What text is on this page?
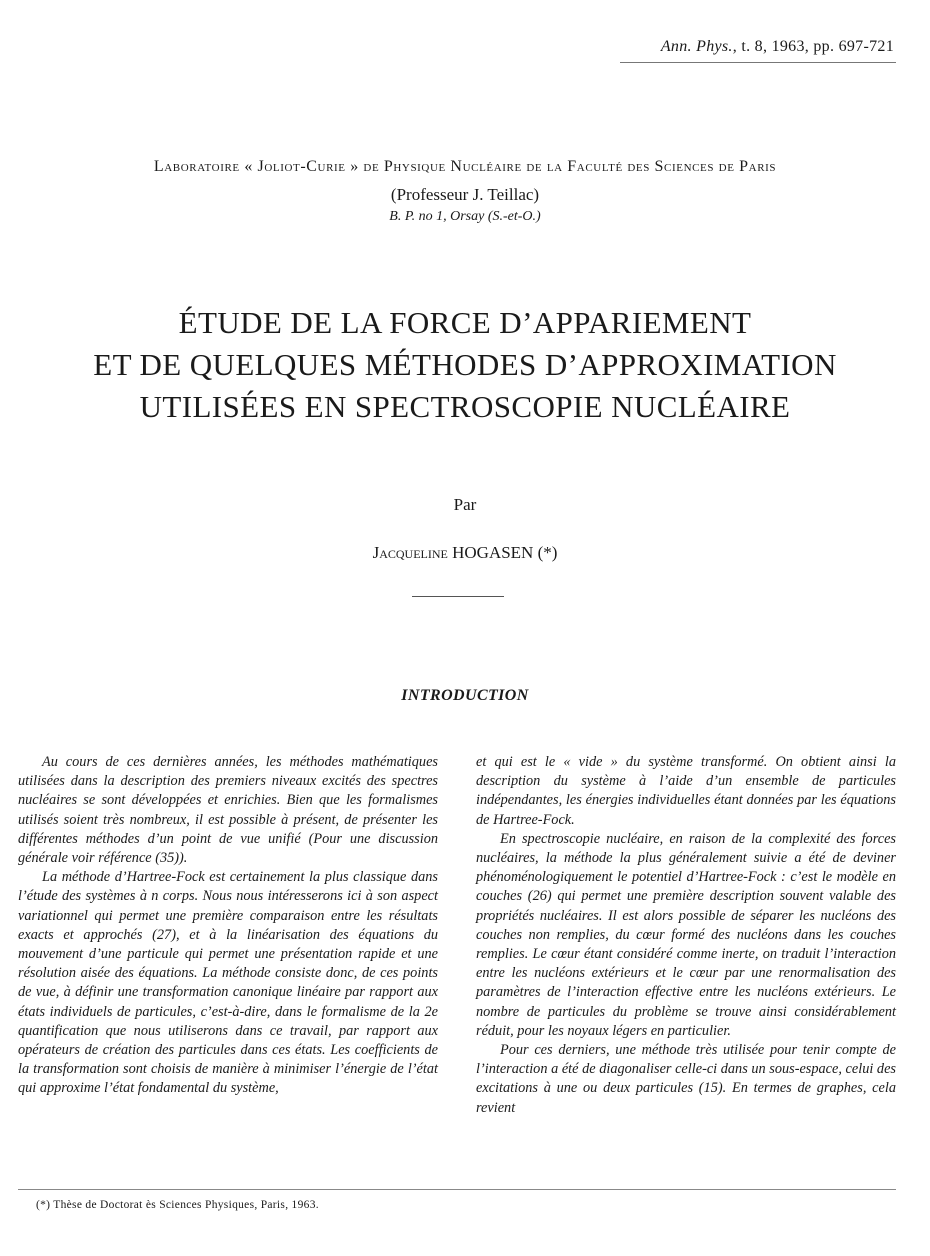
Ann. Phys., t. 8, 1963, pp. 697-721
Laboratoire « Joliot-Curie » de Physique Nucléaire de la Faculté des Sciences de Paris
(Professeur J. Teillac)
B. P. no 1, Orsay (S.-et-O.)
ÉTUDE DE LA FORCE D’APPARIEMENT
ET DE QUELQUES MÉTHODES D’APPROXIMATION
UTILISÉES EN SPECTROSCOPIE NUCLÉAIRE
Par
Jacqueline HOGASEN (*)
INTRODUCTION

Au cours de ces dernières années, les méthodes mathématiques utilisées dans la description des premiers niveaux excités des spectres nucléaires se sont développées et enrichies. Bien que les formalismes utilisés soient très nombreux, il est possible à présent, de présenter les différentes méthodes d’un point de vue unifié (Pour une discussion générale voir référence (35)).

La méthode d’Hartree-Fock est certainement la plus classique dans l’étude des systèmes à n corps. Nous nous intéresserons ici à son aspect variationnel qui permet une première comparaison entre les résultats exacts et approchés (27), et à la linéarisation des équations du mouvement d’une particule qui permet une présentation rapide et une résolution aisée des équations. La méthode consiste donc, de ces points de vue, à définir une transformation canonique linéaire par rapport aux états individuels de particules, c’est-à-dire, dans le formalisme de la 2e quantification que nous utiliserons dans ce travail, par rapport aux opérateurs de création des particules dans ces états. Les coefficients de la transformation sont choisis de manière à minimiser l’énergie de l’état qui approxime l’état fondamental du système,

et qui est le « vide » du système transformé. On obtient ainsi la description du système à l’aide d’un ensemble de particules indépendantes, les énergies individuelles étant données par les équations de Hartree-Fock.

En spectroscopie nucléaire, en raison de la complexité des forces nucléaires, la méthode la plus généralement suivie a été de deviner phénoménologiquement le potentiel d’Hartree-Fock : c’est le modèle en couches (26) qui permet une première description souvent valable des propriétés nucléaires. Il est alors possible de séparer les nucléons des couches non remplies, du cœur formé des nucléons dans les couches remplies. Le cœur étant considéré comme inerte, on traduit l’interaction entre les nucléons extérieurs et le cœur par une renormalisation des paramètres de l’interaction effective entre les nucléons extérieurs. Le nombre de particules du problème se trouve ainsi considérablement réduit, pour les noyaux légers en particulier.

Pour ces derniers, une méthode très utilisée pour tenir compte de l’interaction a été de diagonaliser celle-ci dans un sous-espace, celui des excitations à une ou deux particules (15). En termes de graphes, cela revient

(*) Thèse de Doctorat ès Sciences Physiques, Paris, 1963.
